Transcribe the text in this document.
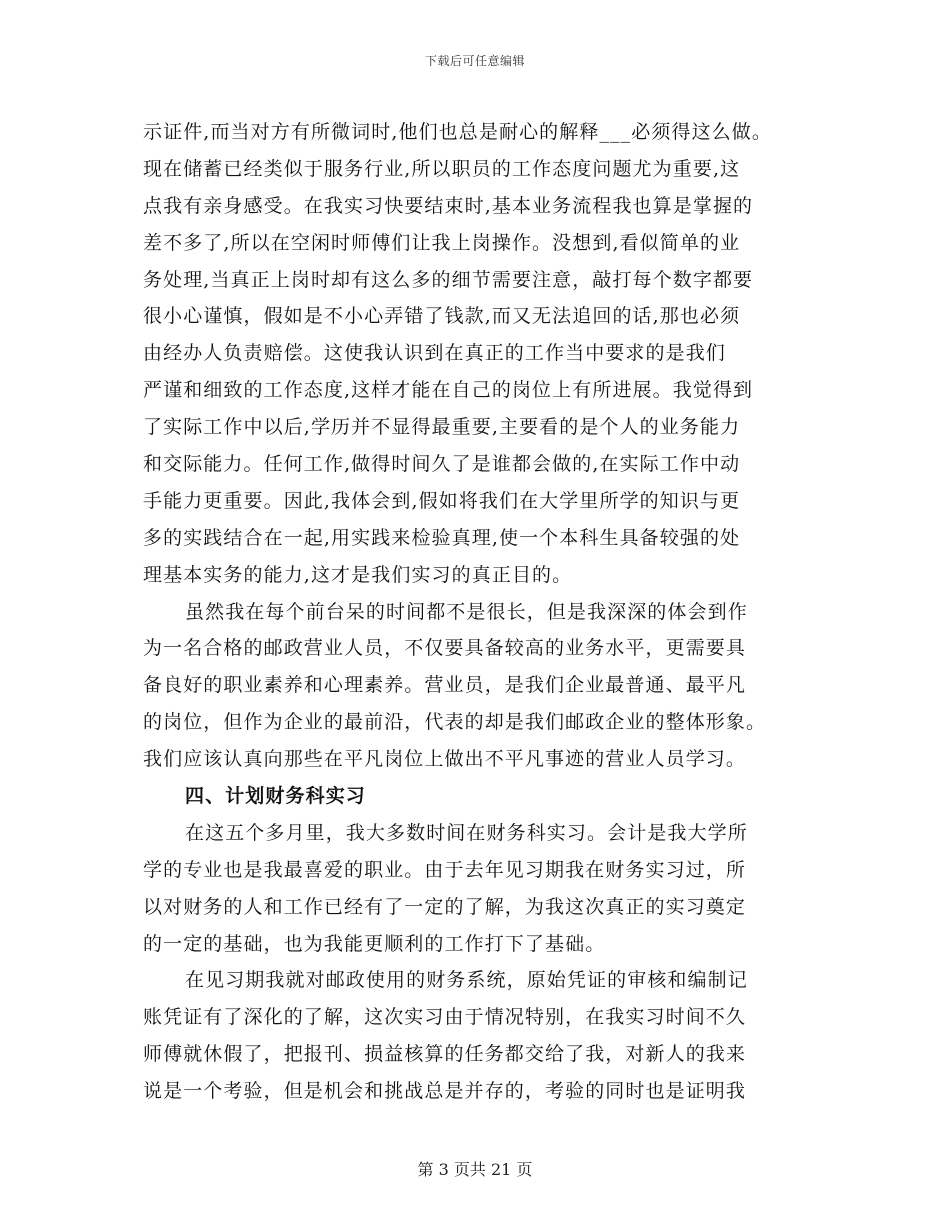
下载后可任意编辑
示证件,而当对方有所微词时,他们也总是耐心的解释___必须得这么做。
现在储蓄已经类似于服务行业,所以职员的工作态度问题尤为重要,这
点我有亲身感受。在我实习快要结束时,基本业务流程我也算是掌握的
差不多了,所以在空闲时师傅们让我上岗操作。没想到,看似简单的业
务处理,当真正上岗时却有这么多的细节需要注意，敲打每个数字都要
很小心谨慎，假如是不小心弄错了钱款,而又无法追回的话,那也必须
由经办人负责赔偿。这使我认识到在真正的工作当中要求的是我们
严谨和细致的工作态度,这样才能在自己的岗位上有所进展。我觉得到
了实际工作中以后,学历并不显得最重要,主要看的是个人的业务能力
和交际能力。任何工作,做得时间久了是谁都会做的,在实际工作中动
手能力更重要。因此,我体会到,假如将我们在大学里所学的知识与更
多的实践结合在一起,用实践来检验真理,使一个本科生具备较强的处
理基本实务的能力,这才是我们实习的真正目的。
虽然我在每个前台呆的时间都不是很长，但是我深深的体会到作
为一名合格的邮政营业人员，不仅要具备较高的业务水平，更需要具
备良好的职业素养和心理素养。营业员，是我们企业最普通、最平凡
的岗位，但作为企业的最前沿，代表的却是我们邮政企业的整体形象。
我们应该认真向那些在平凡岗位上做出不平凡事迹的营业人员学习。
四、计划财务科实习
在这五个多月里，我大多数时间在财务科实习。会计是我大学所
学的专业也是我最喜爱的职业。由于去年见习期我在财务实习过，所
以对财务的人和工作已经有了一定的了解，为我这次真正的实习奠定
的一定的基础，也为我能更顺利的工作打下了基础。
在见习期我就对邮政使用的财务系统，原始凭证的审核和编制记
账凭证有了深化的了解，这次实习由于情况特别，在我实习时间不久
师傅就休假了，把报刊、损益核算的任务都交给了我，对新人的我来
说是一个考验，但是机会和挑战总是并存的，考验的同时也是证明我
第 3 页共 21 页
